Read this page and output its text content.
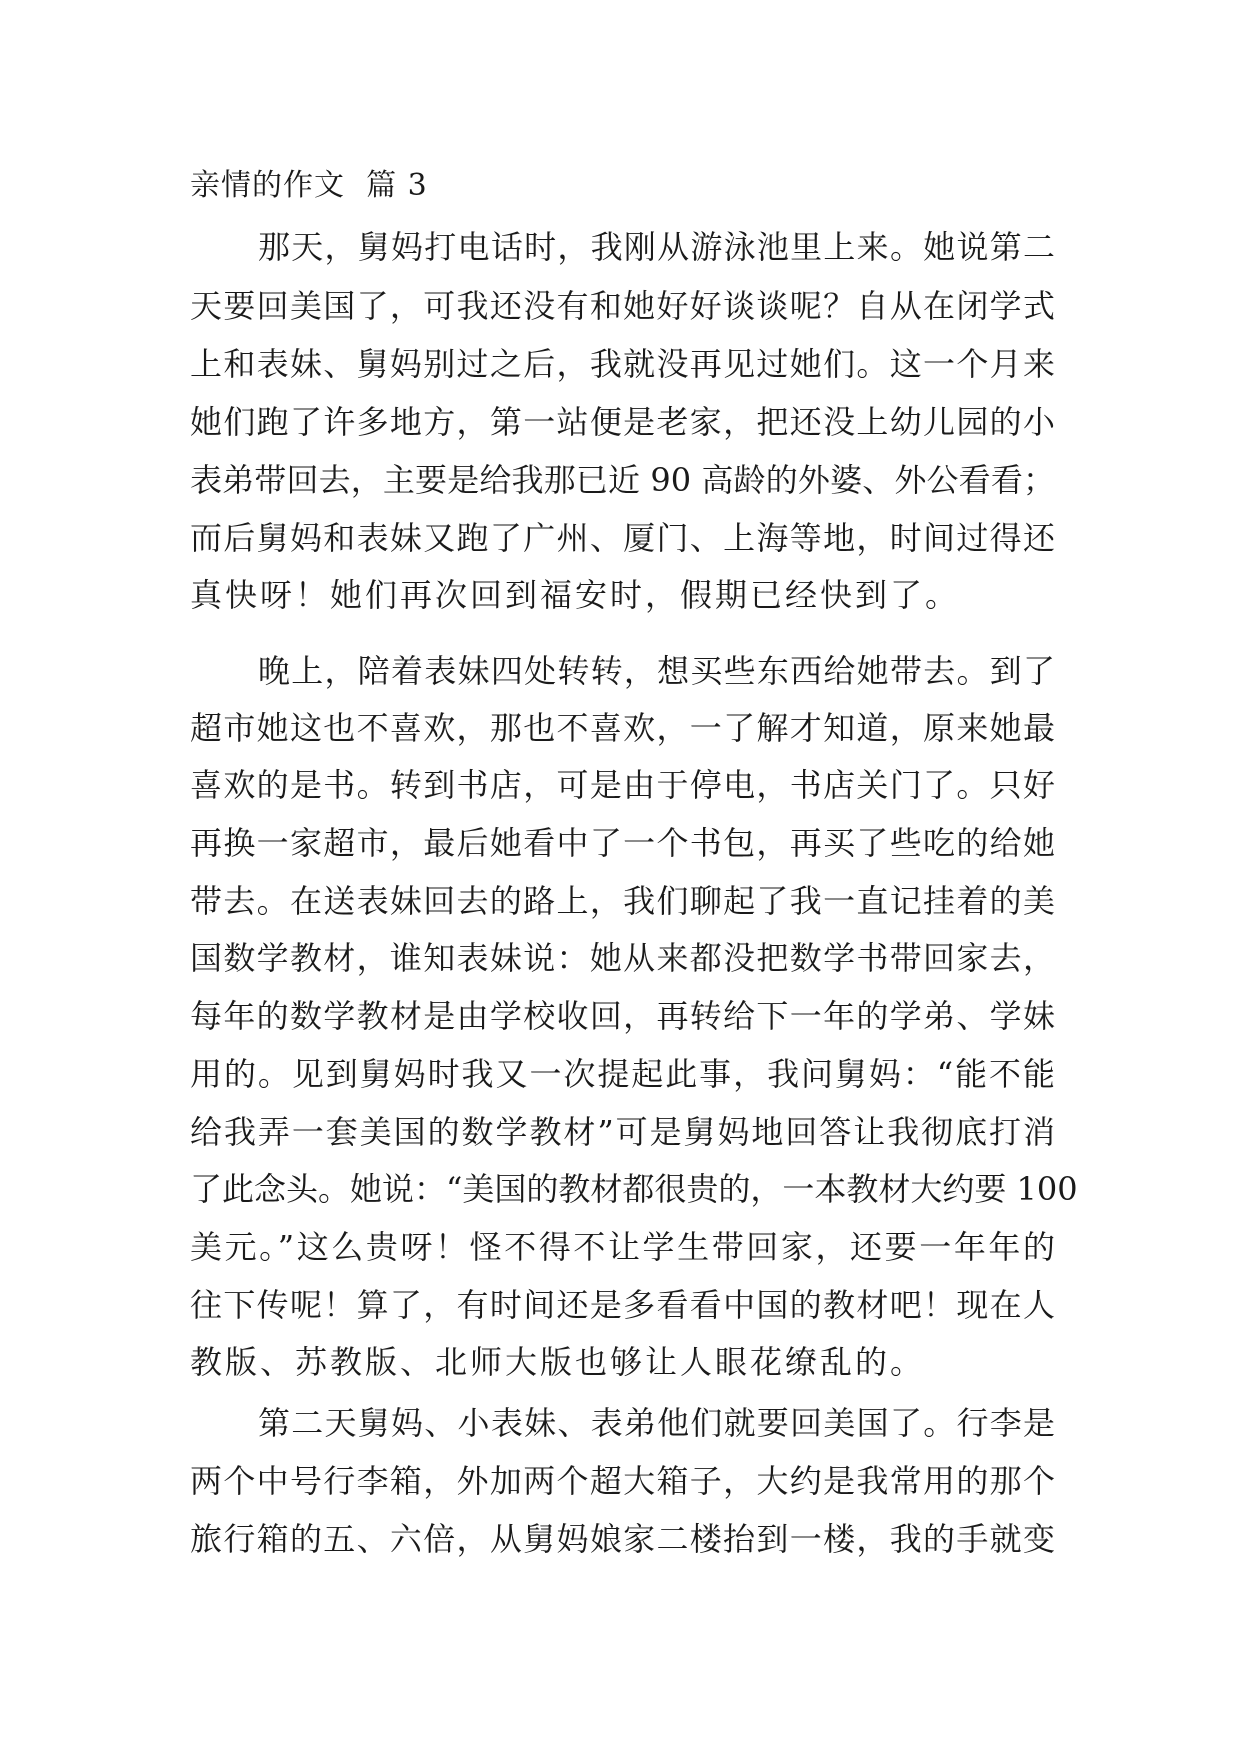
亲情的作文  篇 3
那天，舅妈打电话时，我刚从游泳池里上来。她说第二
天要回美国了，可我还没有和她好好谈谈呢？自从在闭学式
上和表妹、舅妈别过之后，我就没再见过她们。这一个月来
她们跑了许多地方，第一站便是老家，把还没上幼儿园的小
表弟带回去，主要是给我那已近 90 高龄的外婆、外公看看；
而后舅妈和表妹又跑了广州、厦门、上海等地，时间过得还
真快呀！她们再次回到福安时，假期已经快到了。
晚上，陪着表妹四处转转，想买些东西给她带去。到了
超市她这也不喜欢，那也不喜欢，一了解才知道，原来她最
喜欢的是书。转到书店，可是由于停电，书店关门了。只好
再换一家超市，最后她看中了一个书包，再买了些吃的给她
带去。在送表妹回去的路上，我们聊起了我一直记挂着的美
国数学教材，谁知表妹说：她从来都没把数学书带回家去，
每年的数学教材是由学校收回，再转给下一年的学弟、学妹
用的。见到舅妈时我又一次提起此事，我问舅妈：“能不能
给我弄一套美国的数学教材”可是舅妈地回答让我彻底打消
了此念头。她说：“美国的教材都很贵的，一本教材大约要 100
美元。”这么贵呀！怪不得不让学生带回家，还要一年年的
往下传呢！算了，有时间还是多看看中国的教材吧！现在人
教版、苏教版、北师大版也够让人眼花缭乱的。
第二天舅妈、小表妹、表弟他们就要回美国了。行李是
两个中号行李箱，外加两个超大箱子，大约是我常用的那个
旅行箱的五、六倍，从舅妈娘家二楼抬到一楼，我的手就变
